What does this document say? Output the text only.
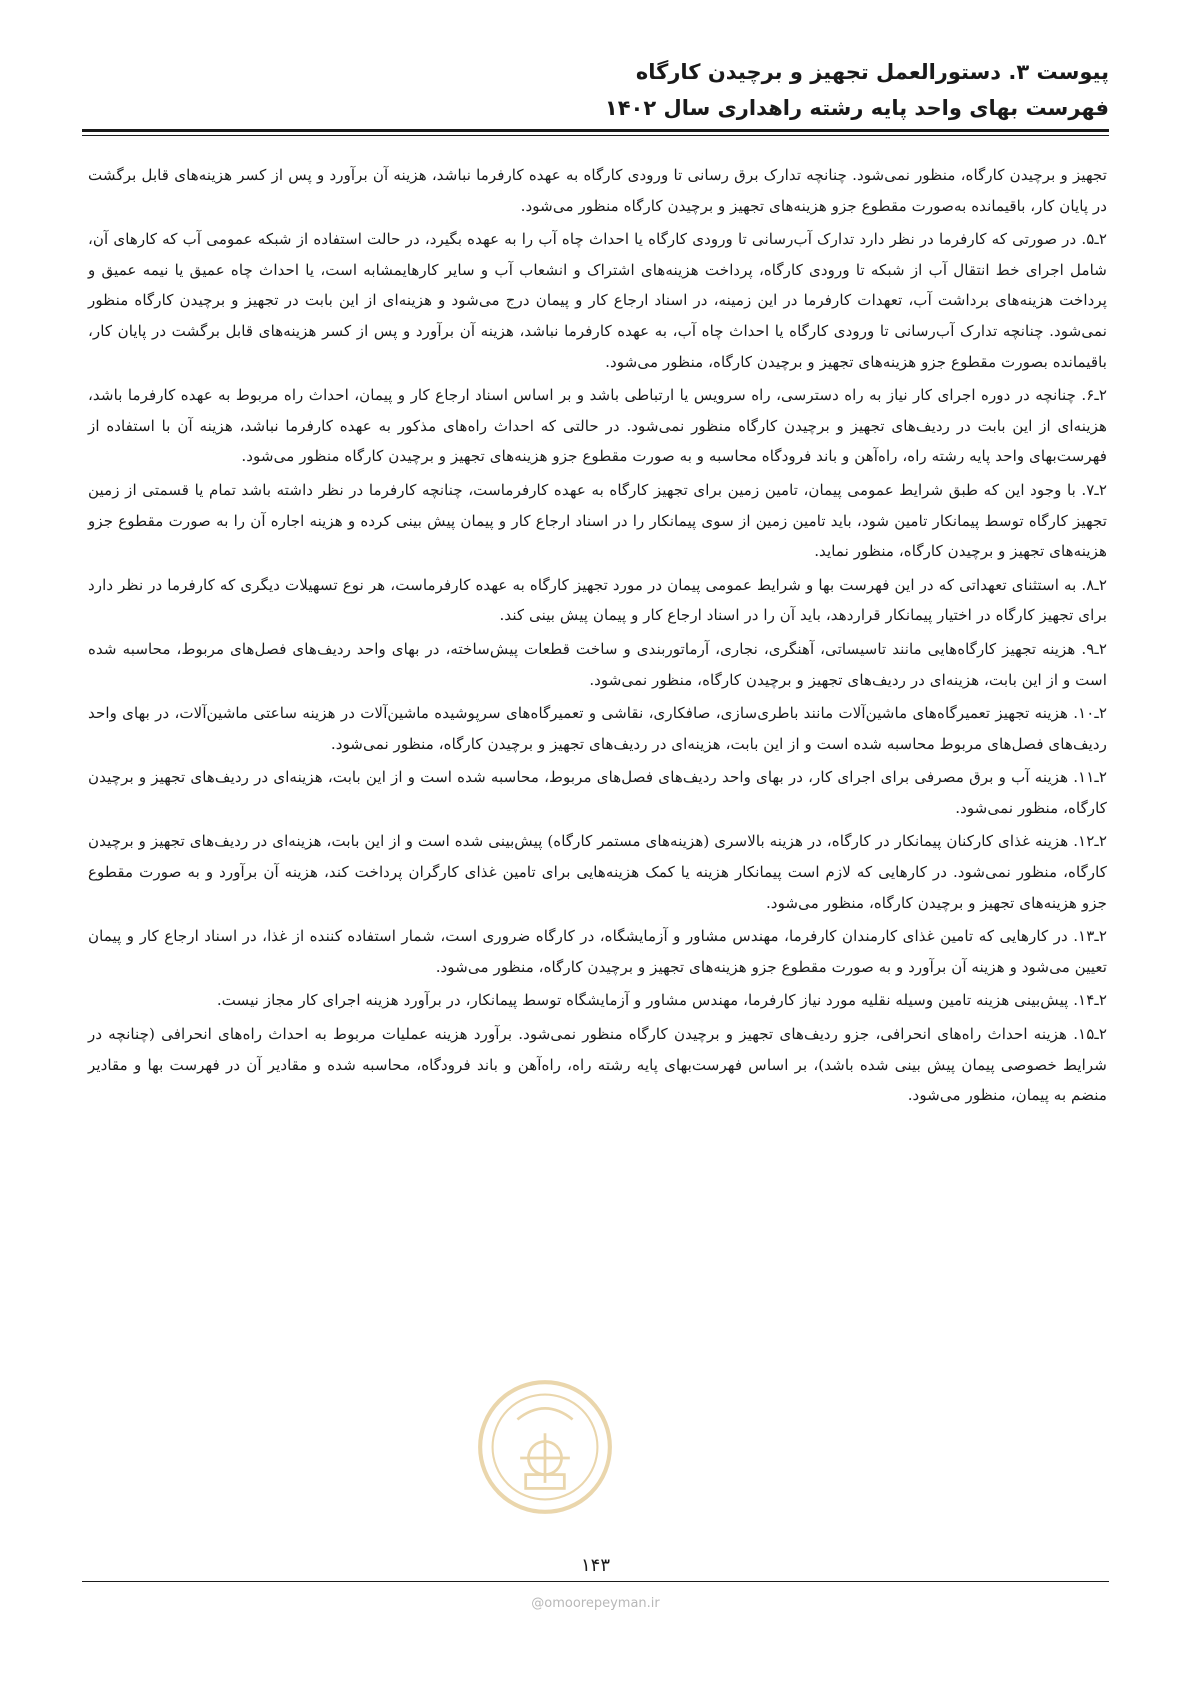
پیوست ۳. دستورالعمل تجهیز و برچیدن کارگاه
فهرست بهای واحد پایه رشته راهداری سال ۱۴۰۲

تجهیز و برچیدن کارگاه، منظور نمی‌شود. چنانچه تدارک برق رسانی تا ورودی کارگاه به عهده کارفرما نباشد، هزینه آن برآورد و پس از کسر هزینه‌های قابل برگشت در پایان کار، باقیمانده به‌صورت مقطوع جزو هزینه‌های تجهیز و برچیدن کارگاه منظور می‌شود.

۲ـ۵. در صورتی که کارفرما در نظر دارد تدارک آب‌رسانی تا ورودی کارگاه یا احداث چاه آب را به عهده بگیرد، در حالت استفاده از شبکه عمومی آب که کارهای آن، شامل اجرای خط انتقال آب از شبکه تا ورودی کارگاه، پرداخت هزینه‌های اشتراک و انشعاب آب و سایر کارهایمشابه است، یا احداث چاه عمیق یا نیمه عمیق و پرداخت هزینه‌های برداشت آب، تعهدات کارفرما در این زمینه، در اسناد ارجاع کار و پیمان درج می‌شود و هزینه‌ای از این بابت در تجهیز و برچیدن کارگاه منظور نمی‌شود. چنانچه تدارک آب‌رسانی تا ورودی کارگاه یا احداث چاه آب، به عهده کارفرما نباشد، هزینه آن برآورد و پس از کسر هزینه‌های قابل برگشت در پایان کار، باقیمانده بصورت مقطوع جزو هزینه‌های تجهیز و برچیدن کارگاه، منظور می‌شود.

۲ـ۶. چنانچه در دوره اجرای کار نیاز به راه دسترسی، راه سرویس یا ارتباطی باشد و بر اساس اسناد ارجاع کار و پیمان، احداث راه مربوط به عهده کارفرما باشد، هزینه‌ای از این بابت در ردیف‌های تجهیز و برچیدن کارگاه منظور نمی‌شود. در حالتی که احداث راه‌های مذکور به عهده کارفرما نباشد، هزینه آن با استفاده از فهرست‌بهای واحد پایه رشته راه، راه‌آهن و باند فرودگاه محاسبه و به صورت مقطوع جزو هزینه‌های تجهیز و برچیدن کارگاه منظور می‌شود.

۲ـ۷. با وجود این که طبق شرایط عمومی پیمان، تامین زمین برای تجهیز کارگاه به عهده کارفرماست، چنانچه کارفرما در نظر داشته باشد تمام یا قسمتی از زمین تجهیز کارگاه توسط پیمانکار تامین شود، باید تامین زمین از سوی پیمانکار را در اسناد ارجاع کار و پیمان پیش بینی کرده و هزینه اجاره آن را به صورت مقطوع جزو هزینه‌های تجهیز و برچیدن کارگاه، منظور نماید.

۲ـ۸. به استثنای تعهداتی که در این فهرست بها و شرایط عمومی پیمان در مورد تجهیز کارگاه به عهده کارفرماست، هر نوع تسهیلات دیگری که کارفرما در نظر دارد برای تجهیز کارگاه در اختیار پیمانکار قراردهد، باید آن را در اسناد ارجاع کار و پیمان پیش بینی کند.

۲ـ۹. هزینه تجهیز کارگاه‌هایی مانند تاسیساتی، آهنگری، نجاری، آرماتوربندی و ساخت قطعات پیش‌ساخته، در بهای واحد ردیف‌های فصل‌های مربوط، محاسبه شده است و از این بابت، هزینه‌ای در ردیف‌های تجهیز و برچیدن کارگاه، منظور نمی‌شود.

۲ـ۱۰. هزینه تجهیز تعمیرگاه‌های ماشین‌آلات مانند باطری‌سازی، صافکاری، نقاشی و تعمیرگاه‌های سرپوشیده ماشین‌آلات در هزینه ساعتی ماشین‌آلات، در بهای واحد ردیف‌های فصل‌های مربوط محاسبه شده است و از این بابت، هزینه‌ای در ردیف‌های تجهیز و برچیدن کارگاه، منظور نمی‌شود.

۲ـ۱۱. هزینه آب و برق مصرفی برای اجرای کار، در بهای واحد ردیف‌های فصل‌های مربوط، محاسبه شده است و از این بابت، هزینه‌ای در ردیف‌های تجهیز و برچیدن کارگاه، منظور نمی‌شود.

۲ـ۱۲. هزینه غذای کارکنان پیمانکار در کارگاه، در هزینه بالاسری (هزینه‌های مستمر کارگاه) پیش‌بینی شده است و از این بابت، هزینه‌ای در ردیف‌های تجهیز و برچیدن کارگاه، منظور نمی‌شود. در کارهایی که لازم است پیمانکار هزینه یا کمک هزینه‌هایی برای تامین غذای کارگران پرداخت کند، هزینه آن برآورد و به صورت مقطوع جزو هزینه‌های تجهیز و برچیدن کارگاه، منظور می‌شود.

۲ـ۱۳. در کارهایی که تامین غذای کارمندان کارفرما، مهندس مشاور و آزمایشگاه، در کارگاه ضروری است، شمار استفاده کننده از غذا، در اسناد ارجاع کار و پیمان تعیین می‌شود و هزینه آن برآورد و به صورت مقطوع جزو هزینه‌های تجهیز و برچیدن کارگاه، منظور می‌شود.

۲ـ۱۴. پیش‌بینی هزینه تامین وسیله نقلیه مورد نیاز کارفرما، مهندس مشاور و آزمایشگاه توسط پیمانکار، در برآورد هزینه اجرای کار مجاز نیست.

۲ـ۱۵. هزینه احداث راه‌های انحرافی، جزو ردیف‌های تجهیز و برچیدن کارگاه منظور نمی‌شود. برآورد هزینه عملیات مربوط به احداث راه‌های انحرافی (چنانچه در شرایط خصوصی پیمان پیش بینی شده باشد)، بر اساس فهرست‌بهای پایه رشته راه، راه‌آهن و باند فرودگاه، محاسبه شده و مقادیر آن در فهرست بها و مقادیر منضم به پیمان، منظور می‌شود.

۱۴۳
@omoorepeyman.ir
